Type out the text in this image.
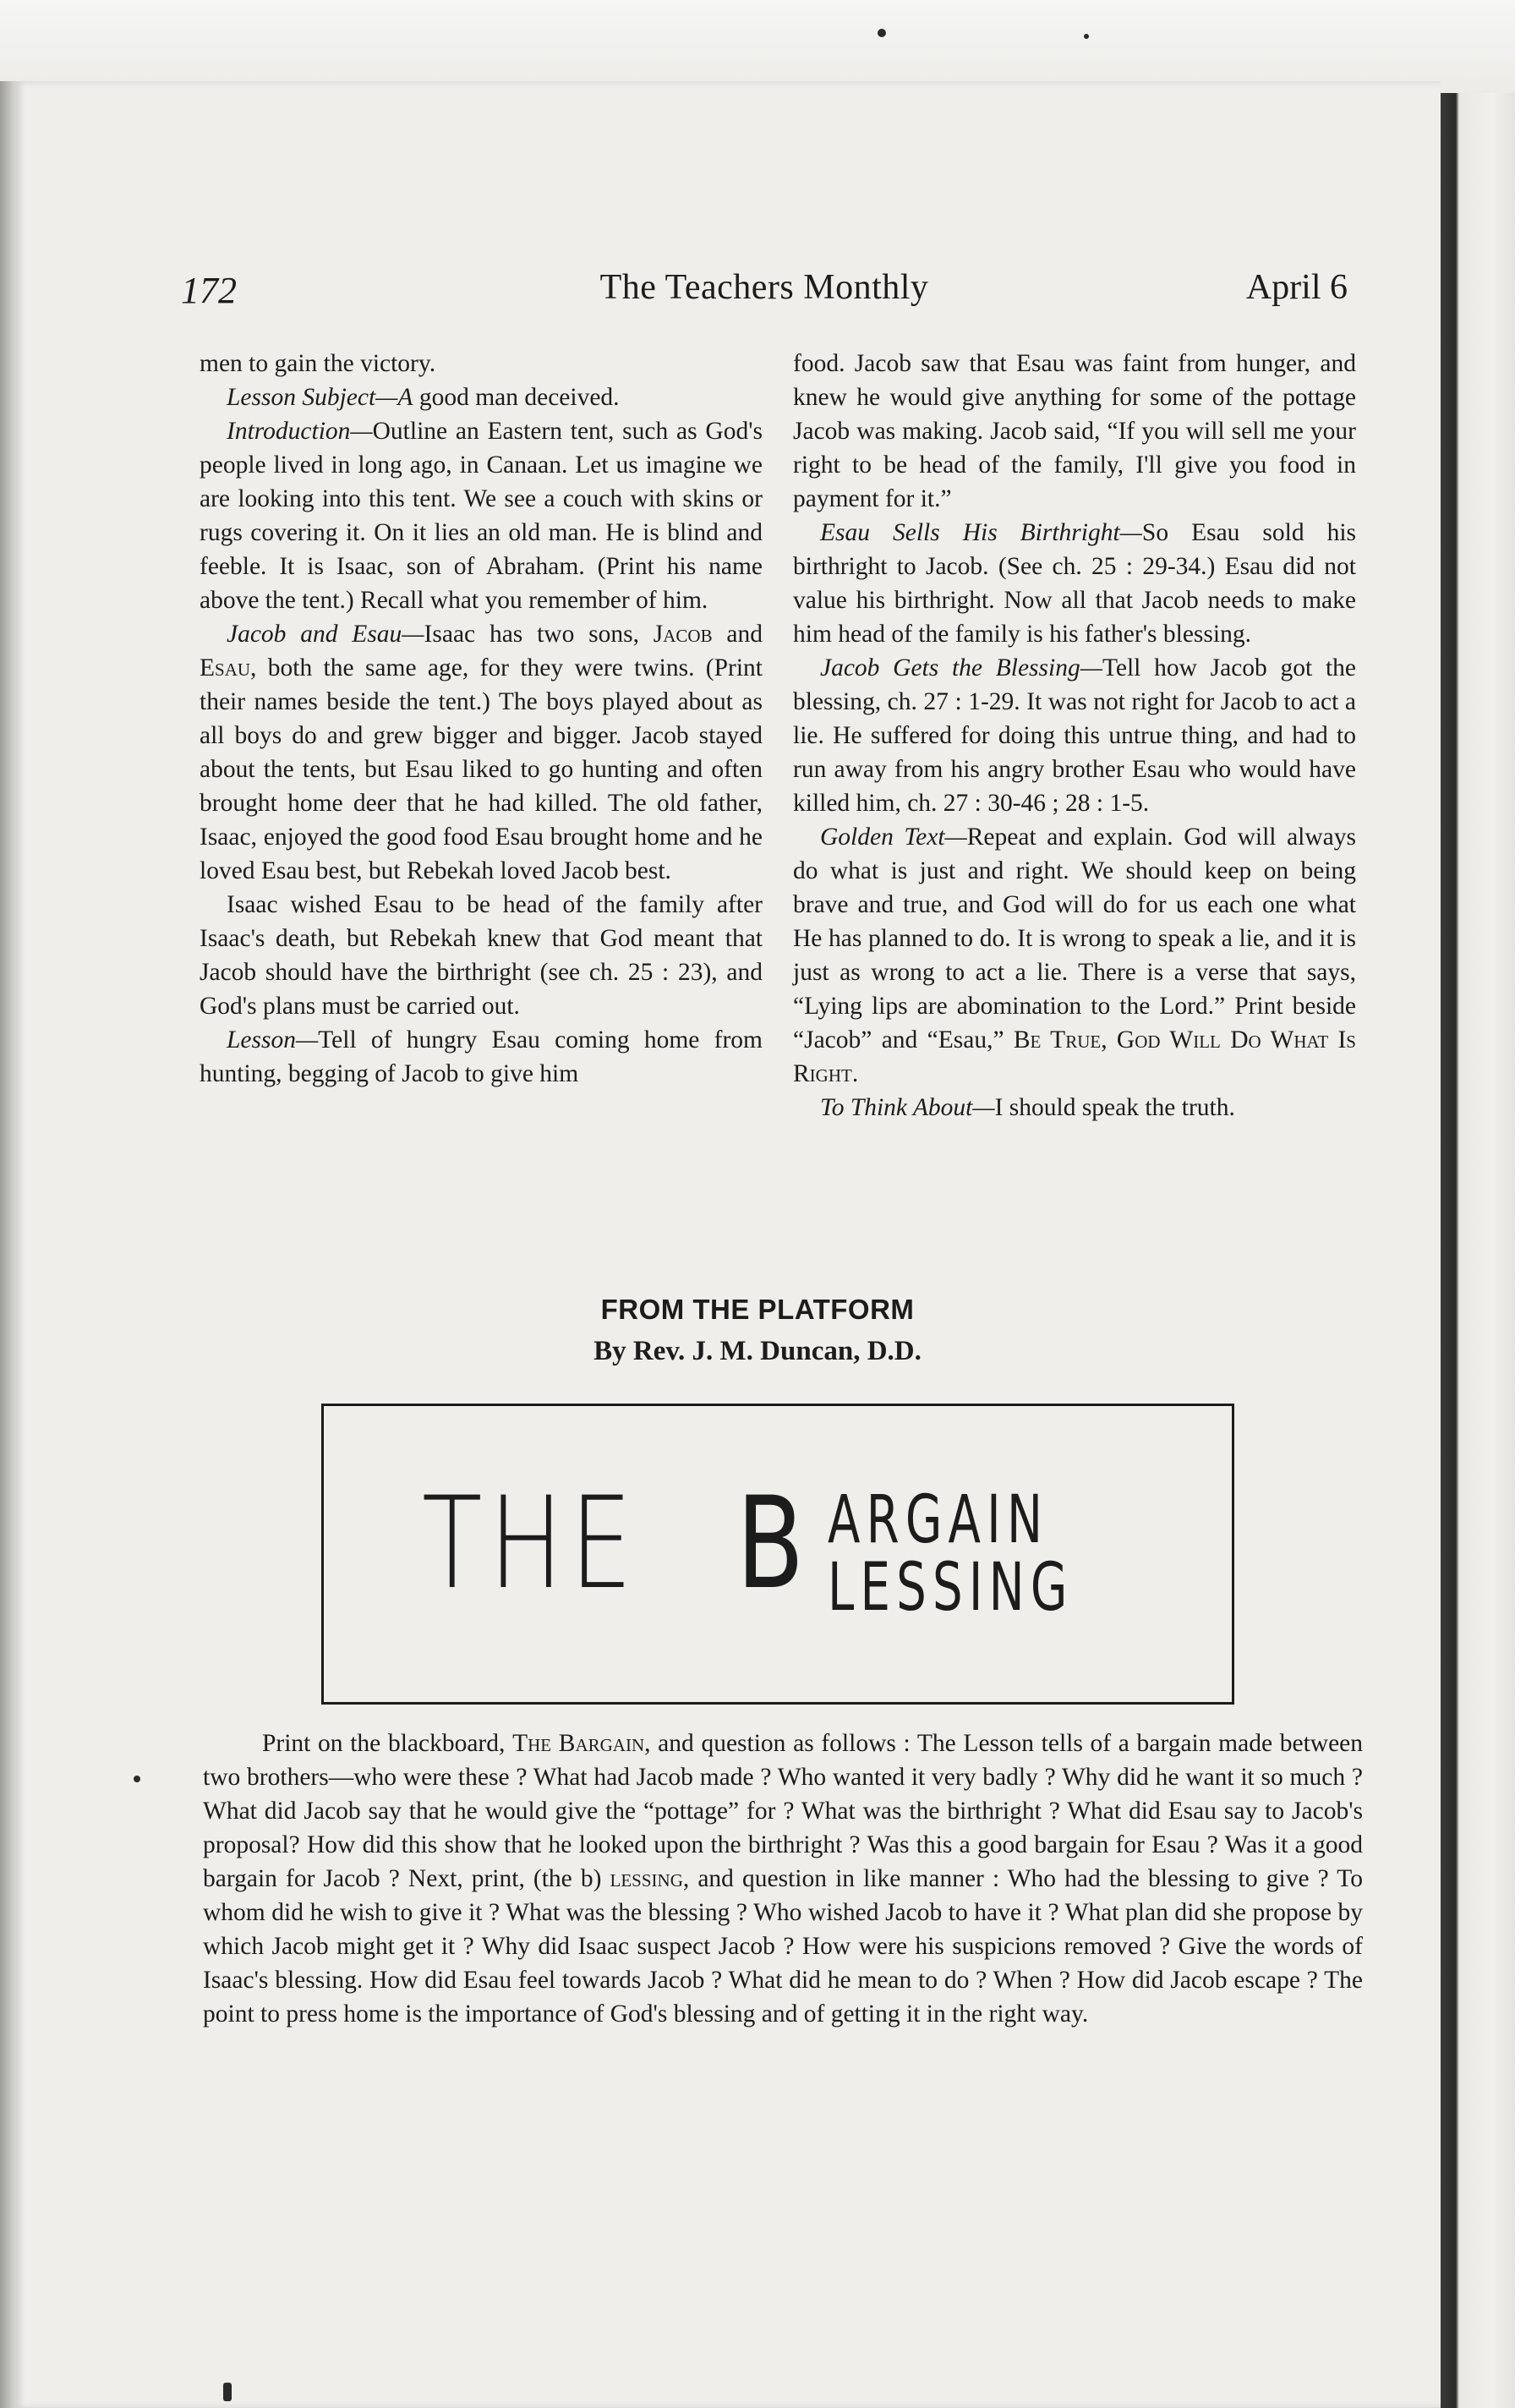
172	The Teachers Monthly	April 6

men to gain the victory.

Lesson Subject—A good man deceived.

Introduction—Outline an Eastern tent, such as God's people lived in long ago, in Canaan. Let us imagine we are looking into this tent. We see a couch with skins or rugs covering it. On it lies an old man. He is blind and feeble. It is Isaac, son of Abraham. (Print his name above the tent.) Recall what you remember of him.

Jacob and Esau—Isaac has two sons, Jacob and Esau, both the same age, for they were twins. (Print their names beside the tent.) The boys played about as all boys do and grew bigger and bigger. Jacob stayed about the tents, but Esau liked to go hunting and often brought home deer that he had killed. The old father, Isaac, enjoyed the good food Esau brought home and he loved Esau best, but Rebekah loved Jacob best.

Isaac wished Esau to be head of the family after Isaac's death, but Rebekah knew that God meant that Jacob should have the birthright (see ch. 25 : 23), and God's plans must be carried out.

Lesson—Tell of hungry Esau coming home from hunting, begging of Jacob to give him

food. Jacob saw that Esau was faint from hunger, and knew he would give anything for some of the pottage Jacob was making. Jacob said, “If you will sell me your right to be head of the family, I'll give you food in payment for it.”

Esau Sells His Birthright—So Esau sold his birthright to Jacob. (See ch. 25 : 29-34.) Esau did not value his birthright. Now all that Jacob needs to make him head of the family is his father's blessing.

Jacob Gets the Blessing—Tell how Jacob got the blessing, ch. 27 : 1-29. It was not right for Jacob to act a lie. He suffered for doing this untrue thing, and had to run away from his angry brother Esau who would have killed him, ch. 27 : 30-46 ; 28 : 1-5.

Golden Text—Repeat and explain. God will always do what is just and right. We should keep on being brave and true, and God will do for us each one what He has planned to do. It is wrong to speak a lie, and it is just as wrong to act a lie. There is a verse that says, “Lying lips are abomination to the Lord.” Print beside “Jacob” and “Esau,” Be True, God Will Do What Is Right.

To Think About—I should speak the truth.

FROM THE PLATFORM
By Rev. J. M. Duncan, D.D.
THE B ARGAIN
LESSING

Print on the blackboard, The Bargain, and question as follows : The Lesson tells of a bargain made between two brothers—who were these ? What had Jacob made ? Who wanted it very badly ? Why did he want it so much ? What did Jacob say that he would give the “pottage” for ? What was the birthright ? What did Esau say to Jacob's proposal? How did this show that he looked upon the birthright ? Was this a good bargain for Esau ? Was it a good bargain for Jacob ? Next, print, (the b) lessing, and question in like manner : Who had the blessing to give ? To whom did he wish to give it ? What was the blessing ? Who wished Jacob to have it ? What plan did she propose by which Jacob might get it ? Why did Isaac suspect Jacob ? How were his suspicions removed ? Give the words of Isaac's blessing. How did Esau feel towards Jacob ? What did he mean to do ? When ? How did Jacob escape ? The point to press home is the importance of God's blessing and of getting it in the right way.
